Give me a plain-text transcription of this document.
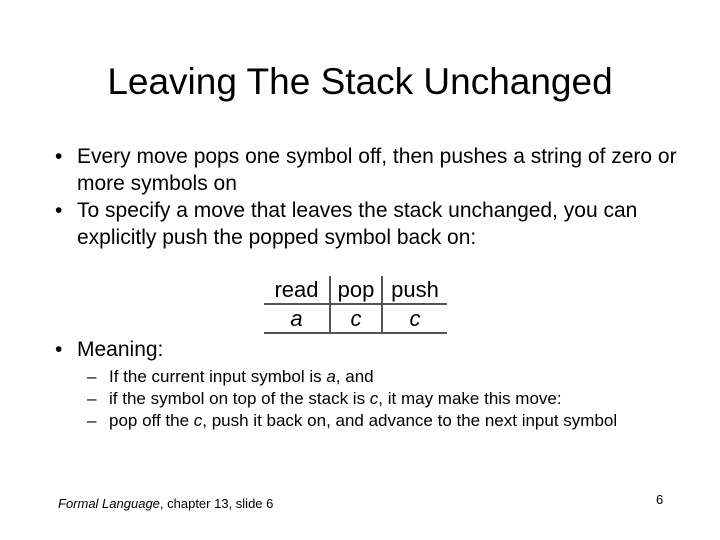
Leaving The Stack Unchanged
• Every move pops one symbol off, then pushes a string of zero or more symbols on
• To specify a move that leaves the stack unchanged, you can explicitly push the popped symbol back on:
read	pop	push
a	c	c
• Meaning:
– If the current input symbol is a, and
– if the symbol on top of the stack is c, it may make this move:
– pop off the c, push it back on, and advance to the next input symbol
Formal Language, chapter 13, slide 6	6
